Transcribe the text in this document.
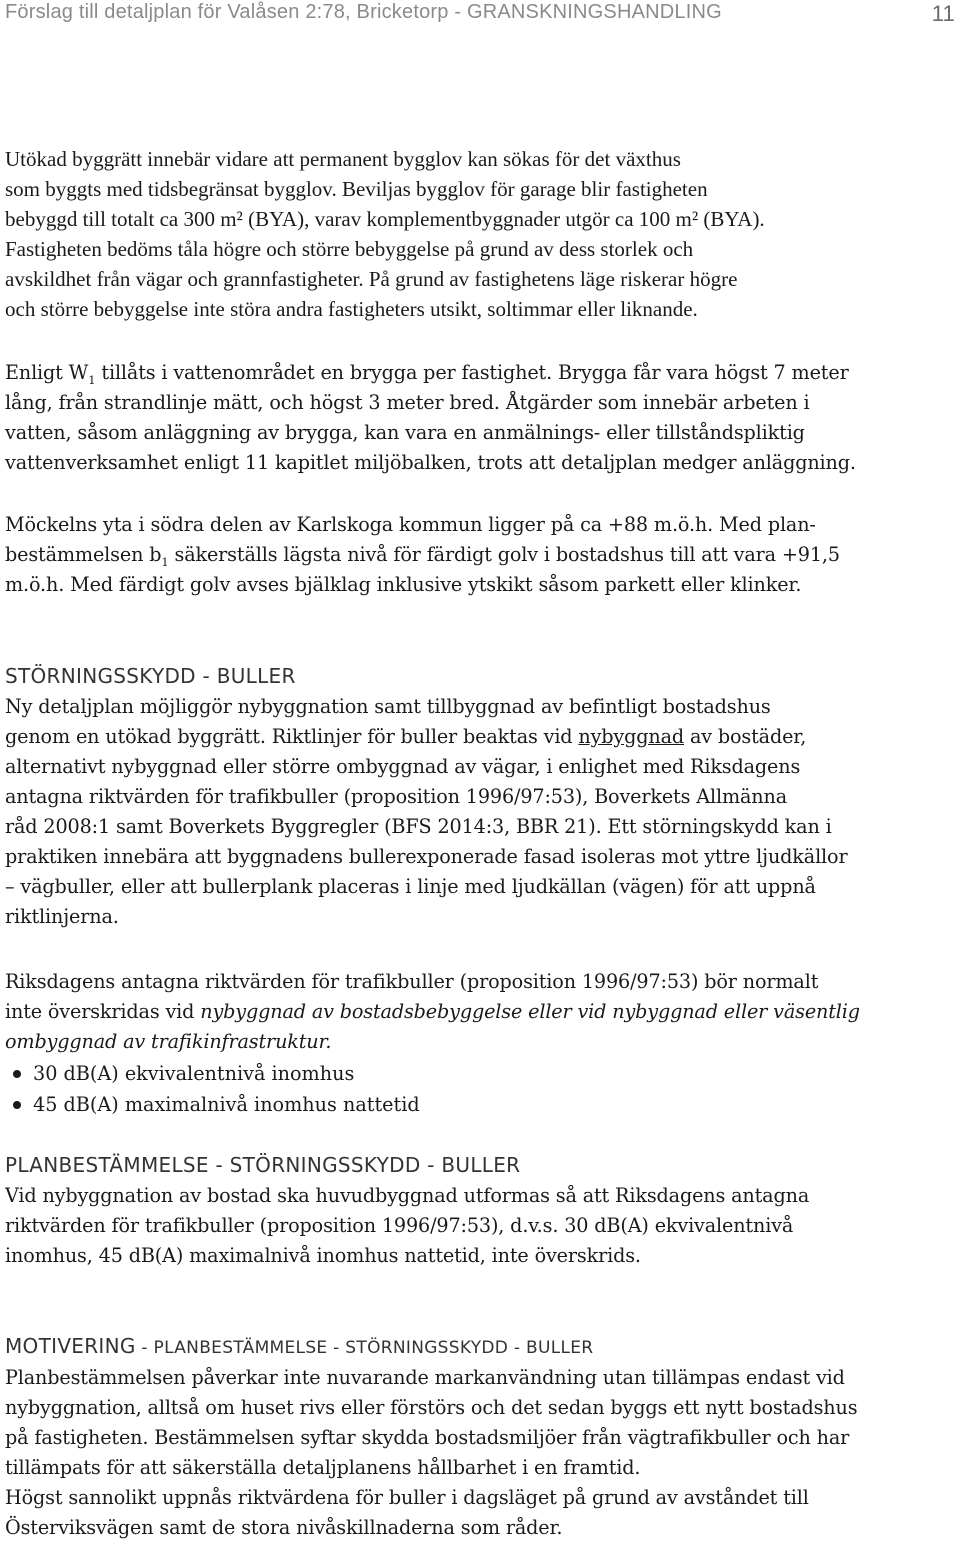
Förslag till detaljplan för Valåsen 2:78, Bricketorp - GRANSKNINGSHANDLING	11
Utökad byggrätt innebär vidare att permanent bygglov kan sökas för det växthus
som byggts med tidsbegränsat bygglov. Beviljas bygglov för garage blir fastigheten
bebyggd till totalt ca 300 m² (BYA), varav komplementbyggnader utgör ca 100 m² (BYA).
Fastigheten bedöms tåla högre och större bebyggelse på grund av dess storlek och
avskildhet från vägar och grannfastigheter. På grund av fastighetens läge riskerar högre
och större bebyggelse inte störa andra fastigheters utsikt, soltimmar eller liknande.
Enligt $W_1$ tillåts i vattenområdet en brygga per fastighet. Brygga får vara högst 7 meter
lång, från strandlinje mätt, och högst 3 meter bred. Åtgärder som innebär arbeten i
vatten, såsom anläggning av brygga, kan vara en anmälnings- eller tillståndspliktig
vattenverksamhet enligt 11 kapitlet miljöbalken, trots att detaljplan medger anläggning.
Möckelns yta i södra delen av Karlskoga kommun ligger på ca +88 m.ö.h. Med plan-
bestämmelsen $b_1$ säkerställs lägsta nivå för färdigt golv i bostadshus till att vara +91,5
m.ö.h. Med färdigt golv avses bjälklag inklusive ytskikt såsom parkett eller klinker.
STÖRNINGSSKYDD - BULLER
Ny detaljplan möjliggör nybyggnation samt tillbyggnad av befintligt bostadshus
genom en utökad byggrätt. Riktlinjer för buller beaktas vid nybyggnad av bostäder,
alternativt nybyggnad eller större ombyggnad av vägar, i enlighet med Riksdagens
antagna riktvärden för trafikbuller (proposition 1996/97:53), Boverkets Allmänna
råd 2008:1 samt Boverkets Byggregler (BFS 2014:3, BBR 21). Ett störningskydd kan i
praktiken innebära att byggnadens bullerexponerade fasad isoleras mot yttre ljudkällor
– vägbuller, eller att bullerplank placeras i linje med ljudkällan (vägen) för att uppnå
riktlinjerna.
Riksdagens antagna riktvärden för trafikbuller (proposition 1996/97:53) bör normalt
inte överskridas vid nybyggnad av bostadsbebyggelse eller vid nybyggnad eller väsentlig
ombyggnad av trafikinfrastruktur.
30 dB(A) ekvivalentnivå inomhus
45 dB(A) maximalnivå inomhus nattetid
PLANBESTÄMMELSE - STÖRNINGSSKYDD - BULLER
Vid nybyggnation av bostad ska huvudbyggnad utformas så att Riksdagens antagna
riktvärden för trafikbuller (proposition 1996/97:53), d.v.s. 30 dB(A) ekvivalentnivå
inomhus, 45 dB(A) maximalnivå inomhus nattetid, inte överskrids.
MOTIVERING - PLANBESTÄMMELSE - STÖRNINGSSKYDD - BULLER
Planbestämmelsen påverkar inte nuvarande markanvändning utan tillämpas endast vid
nybyggnation, alltså om huset rivs eller förstörs och det sedan byggs ett nytt bostadshus
på fastigheten. Bestämmelsen syftar skydda bostadsmiljöer från vägtrafikbuller och har
tillämpats för att säkerställa detaljplanens hållbarhet i en framtid.
Högst sannolikt uppnås riktvärdena för buller i dagsläget på grund av avståndet till
Österviksvägen samt de stora nivåskillnaderna som råder.
